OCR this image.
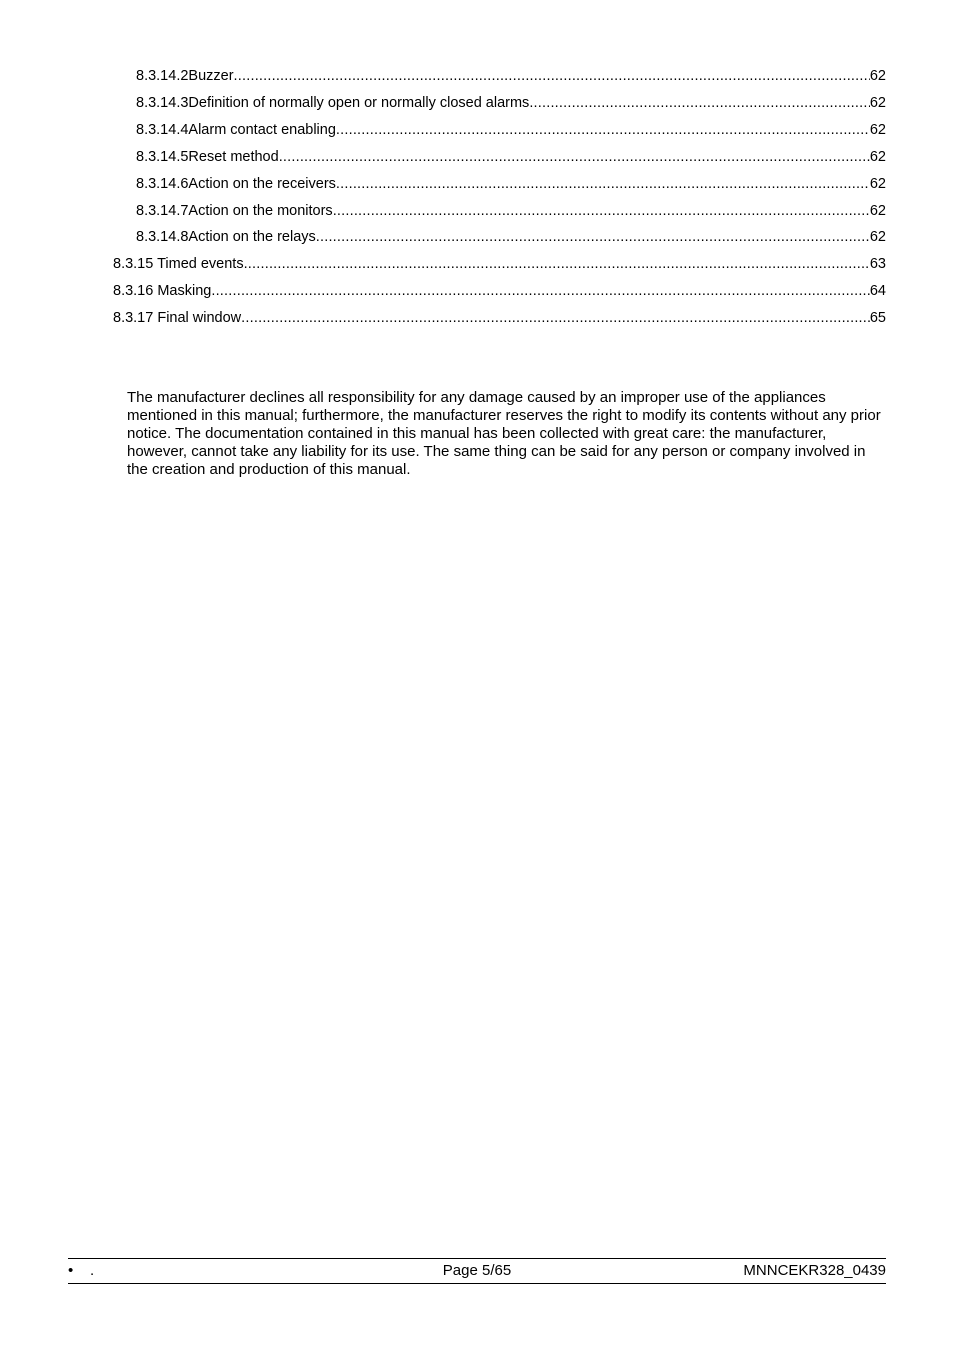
8.3.14.2Buzzer .....	62
8.3.14.3Definition of normally open or normally closed alarms .....	62
8.3.14.4Alarm contact enabling .....	62
8.3.14.5Reset method .....	62
8.3.14.6Action on the receivers .....	62
8.3.14.7Action on the monitors .....	62
8.3.14.8Action on the relays .....	62
8.3.15 Timed events .....	63
8.3.16 Masking .....	64
8.3.17 Final window .....	65

The manufacturer declines all responsibility for any damage caused by an improper use of the appliances mentioned in this manual; furthermore, the manufacturer reserves the right to modify its contents without any prior notice. The documentation contained in this manual has been collected with great care: the manufacturer, however, cannot take any liability for its use. The same thing can be said for any person or company involved in the creation and production of this manual.

• .	Page 5/65	MNNCEKR328_0439
